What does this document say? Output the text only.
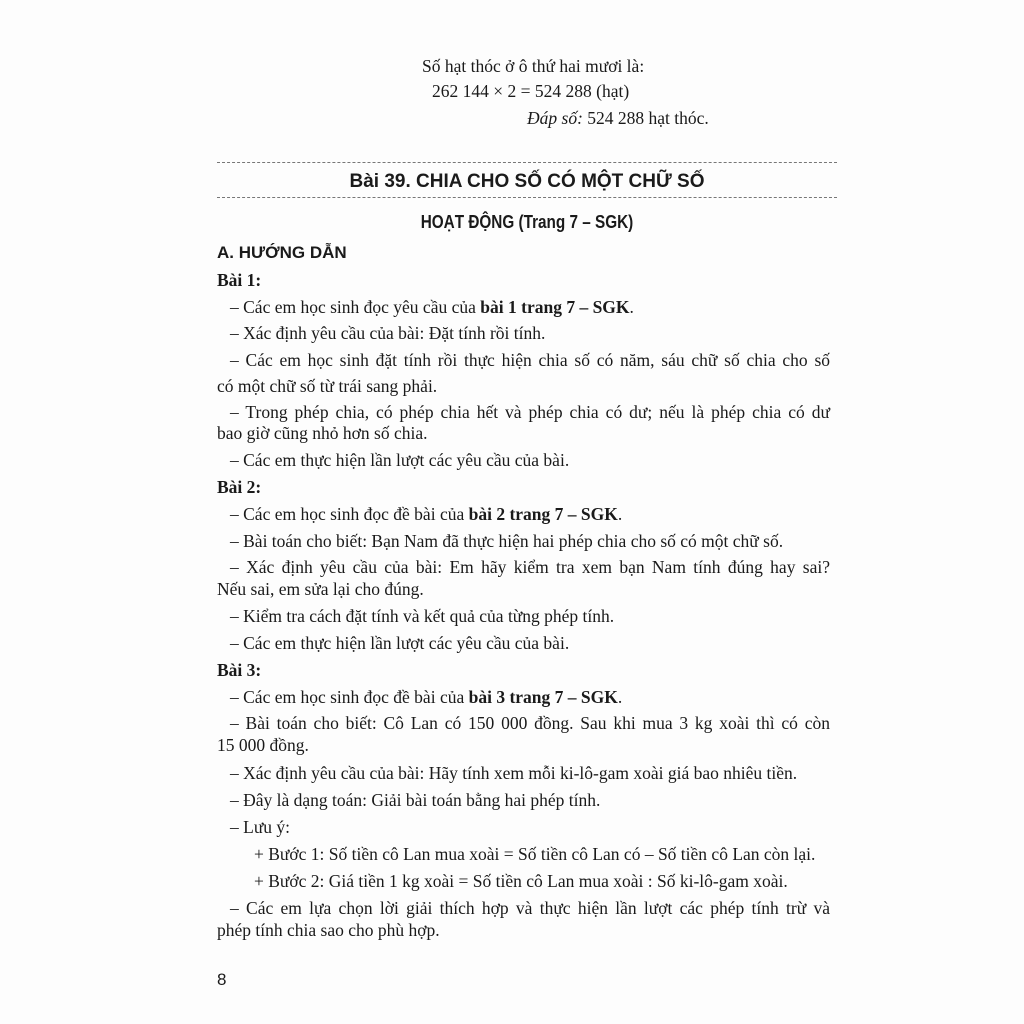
Số hạt thóc ở ô thứ hai mươi là:
262 144 × 2 = 524 288 (hạt)
Đáp số: 524 288 hạt thóc.
Bài 39. CHIA CHO SỐ CÓ MỘT CHỮ SỐ
HOẠT ĐỘNG (Trang 7 – SGK)
A. HƯỚNG DẪN
Bài 1:
– Các em học sinh đọc yêu cầu của bài 1 trang 7 – SGK.
– Xác định yêu cầu của bài: Đặt tính rồi tính.
– Các em học sinh đặt tính rồi thực hiện chia số có năm, sáu chữ số chia cho số
có một chữ số từ trái sang phải.
– Trong phép chia, có phép chia hết và phép chia có dư; nếu là phép chia có dư
bao giờ cũng nhỏ hơn số chia.
– Các em thực hiện lần lượt các yêu cầu của bài.
Bài 2:
– Các em học sinh đọc đề bài của bài 2 trang 7 – SGK.
– Bài toán cho biết: Bạn Nam đã thực hiện hai phép chia cho số có một chữ số.
– Xác định yêu cầu của bài: Em hãy kiểm tra xem bạn Nam tính đúng hay sai?
Nếu sai, em sửa lại cho đúng.
– Kiểm tra cách đặt tính và kết quả của từng phép tính.
– Các em thực hiện lần lượt các yêu cầu của bài.
Bài 3:
– Các em học sinh đọc đề bài của bài 3 trang 7 – SGK.
– Bài toán cho biết: Cô Lan có 150 000 đồng. Sau khi mua 3 kg xoài thì có còn
15 000 đồng.
– Xác định yêu cầu của bài: Hãy tính xem mỗi ki-lô-gam xoài giá bao nhiêu tiền.
– Đây là dạng toán: Giải bài toán bằng hai phép tính.
– Lưu ý:
+ Bước 1: Số tiền cô Lan mua xoài = Số tiền cô Lan có – Số tiền cô Lan còn lại.
+ Bước 2: Giá tiền 1 kg xoài = Số tiền cô Lan mua xoài : Số ki-lô-gam xoài.
– Các em lựa chọn lời giải thích hợp và thực hiện lần lượt các phép tính trừ và
phép tính chia sao cho phù hợp.
8
